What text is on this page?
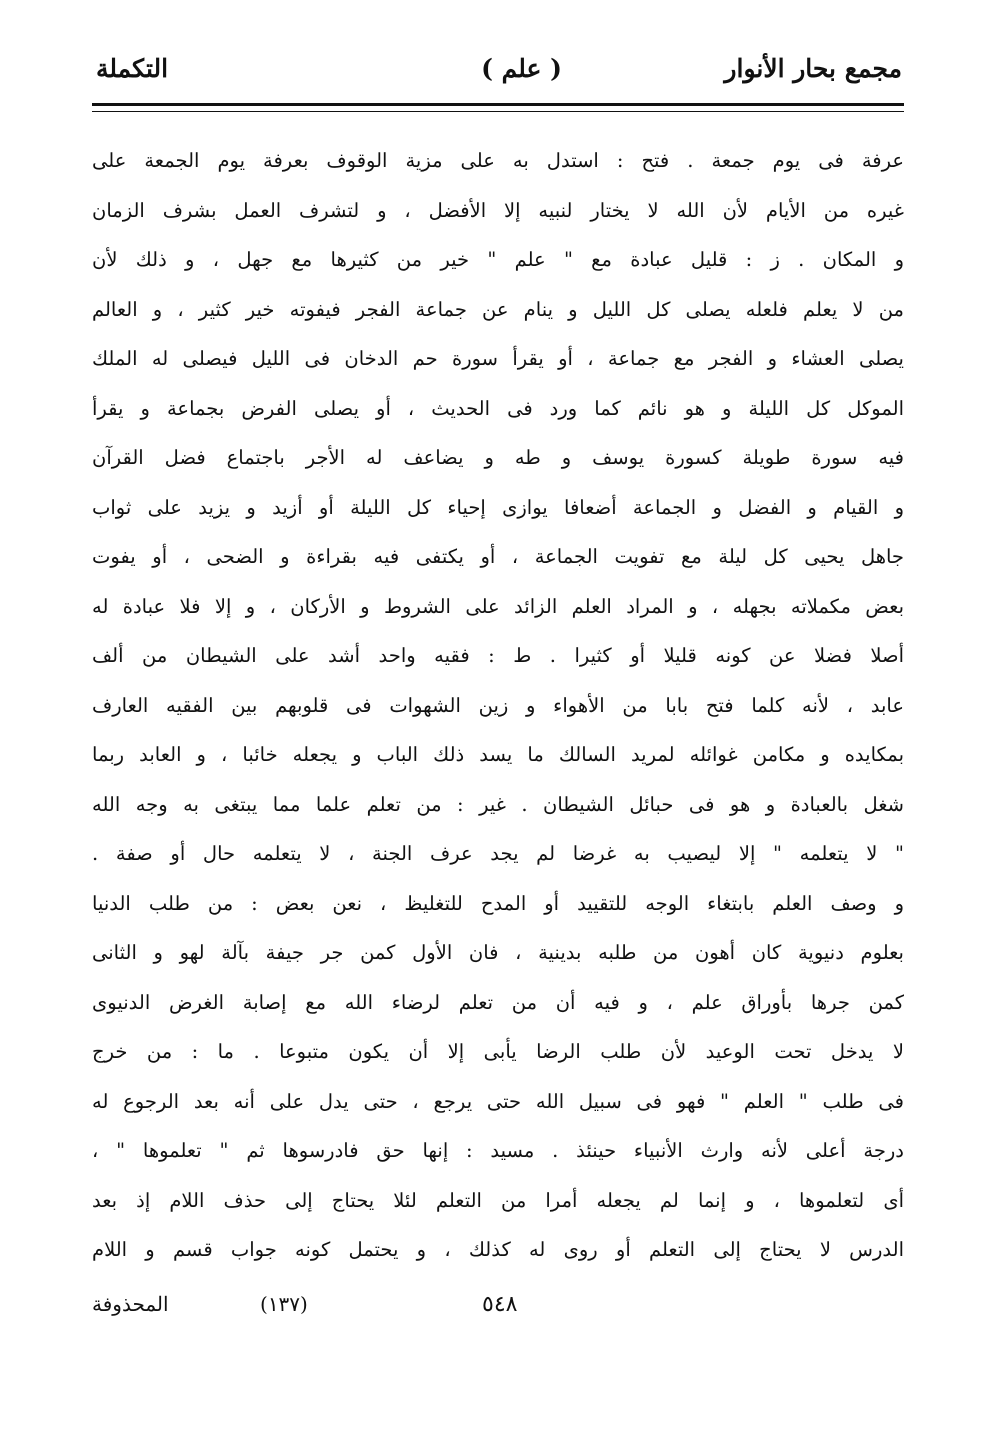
مجمع بحار الأنوار
( علم )
التكملة
عرفة فى يوم جمعة . فتح : استدل به على مزية الوقوف بعرفة يوم الجمعة على
غيره من الأيام لأن الله لا يختار لنبيه إلا الأفضل ، و لتشرف العمل بشرف الزمان
و المكان . ز : قليل عبادة مع " علم " خير من كثيرها مع جهل ، و ذلك لأن
من لا يعلم فلعله يصلى كل الليل و ينام عن جماعة الفجر فيفوته خير كثير ، و العالم
يصلى العشاء و الفجر مع جماعة ، أو يقرأ سورة حم الدخان فى الليل فيصلى له الملك
الموكل كل الليلة و هو نائم كما ورد فى الحديث ، أو يصلى الفرض بجماعة و يقرأ
فيه سورة طويلة كسورة يوسف و طه و يضاعف له الأجر باجتماع فضل القرآن
و القيام و الفضل و الجماعة أضعافا يوازى إحياء كل الليلة أو أزيد و يزيد على ثواب
جاهل يحيى كل ليلة مع تفويت الجماعة ، أو يكتفى فيه بقراءة و الضحى ، أو يفوت
بعض مكملاته بجهله ، و المراد العلم الزائد على الشروط و الأركان ، و إلا فلا عبادة له
أصلا فضلا عن كونه قليلا أو كثيرا . ط : فقيه واحد أشد على الشيطان من ألف
عابد ، لأنه كلما فتح بابا من الأهواء و زين الشهوات فى قلوبهم بين الفقيه العارف
بمكايده و مكامن غوائله لمريد السالك ما يسد ذلك الباب و يجعله خائبا ، و العابد ربما
شغل بالعبادة و هو فى حبائل الشيطان . غير : من تعلم علما مما يبتغى به وجه الله
" لا يتعلمه " إلا ليصيب به غرضا لم يجد عرف الجنة ، لا يتعلمه حال أو صفة .
و وصف العلم بابتغاء الوجه للتقييد أو المدح للتغليظ ، نعن بعض : من طلب الدنيا
بعلوم دنيوية كان أهون من طلبه بدينية ، فان الأول كمن جر جيفة بآلة لهو و الثانى
كمن جرها بأوراق علم ، و فيه أن من تعلم لرضاء الله مع إصابة الغرض الدنيوى
لا يدخل تحت الوعيد لأن طلب الرضا يأبى إلا أن يكون متبوعا . ما : من خرج
فى طلب " العلم " فهو فى سبيل الله حتى يرجع ، حتى يدل على أنه بعد الرجوع له
درجة أعلى لأنه وارث الأنبياء حينئذ . مسيد : إنها حق فادرسوها ثم " تعلموها " ،
أى لتعلموها ، و إنما لم يجعله أمرا من التعلم لئلا يحتاج إلى حذف اللام إذ بعد
الدرس لا يحتاج إلى التعلم أو روى له كذلك ، و يحتمل كونه جواب قسم و اللام
٥٤٨
(١٣٧)
المحذوفة
